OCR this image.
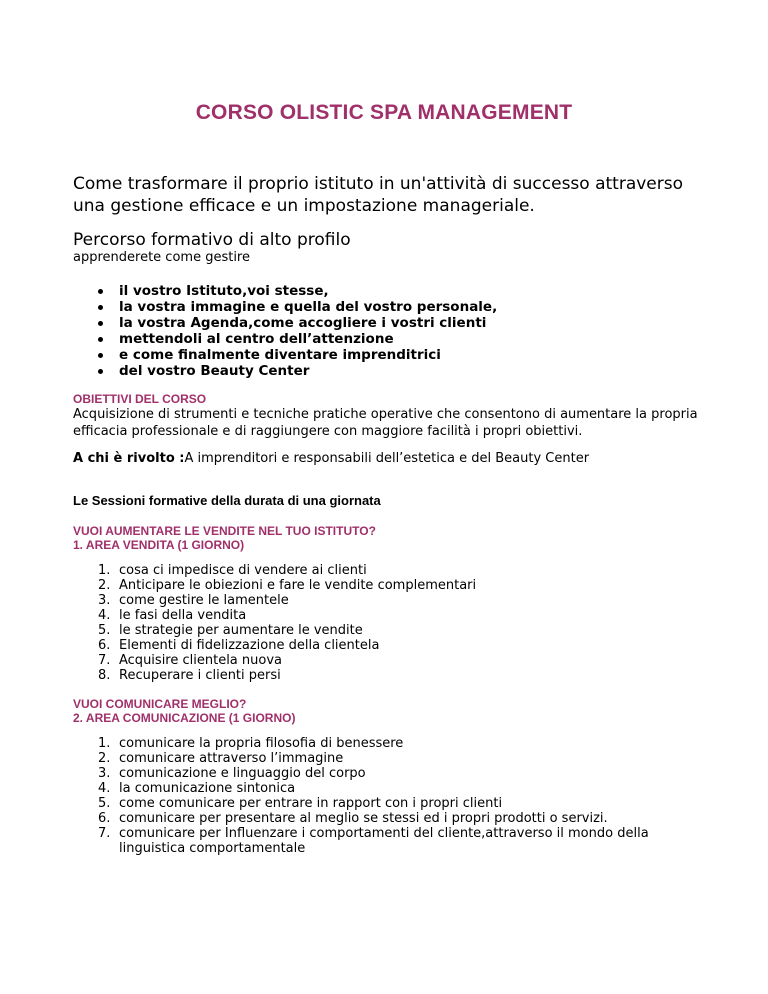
CORSO OLISTIC SPA MANAGEMENT

Come trasformare il proprio istituto in un'attività di successo attraverso una gestione efficace e un impostazione manageriale.

Percorso formativo di alto profilo

apprenderete come gestire

il vostro Istituto,voi stesse,
la vostra immagine e quella del vostro personale,
la vostra Agenda,come accogliere i vostri clienti
mettendoli al centro dell’attenzione
e come finalmente diventare imprenditrici
del vostro Beauty Center

OBIETTIVI DEL CORSO

Acquisizione di strumenti e tecniche pratiche operative che consentono di aumentare la propria efficacia professionale e di raggiungere con maggiore facilità i propri obiettivi.

A chi è rivolto :A imprenditori e responsabili dell’estetica e del Beauty Center

Le Sessioni formative della durata di una giornata

VUOI AUMENTARE LE VENDITE NEL TUO ISTITUTO?

1. AREA VENDITA (1 GIORNO)

1. cosa ci impedisce di vendere ai clienti
2. Anticipare le obiezioni e fare le vendite complementari
3. come gestire le lamentele
4. le fasi della vendita
5. le strategie per aumentare le vendite
6. Elementi di fidelizzazione della clientela
7. Acquisire clientela nuova
8. Recuperare i clienti persi

VUOI COMUNICARE MEGLIO?

2. AREA COMUNICAZIONE (1 GIORNO)

1. comunicare la propria filosofia di benessere
2. comunicare attraverso l’immagine
3. comunicazione e linguaggio del corpo
4. la comunicazione sintonica
5. come comunicare per entrare in rapport con i propri clienti
6. comunicare per presentare al meglio se stessi ed i propri prodotti o servizi.
7. comunicare per Influenzare i comportamenti del cliente,attraverso il mondo della linguistica comportamentale
